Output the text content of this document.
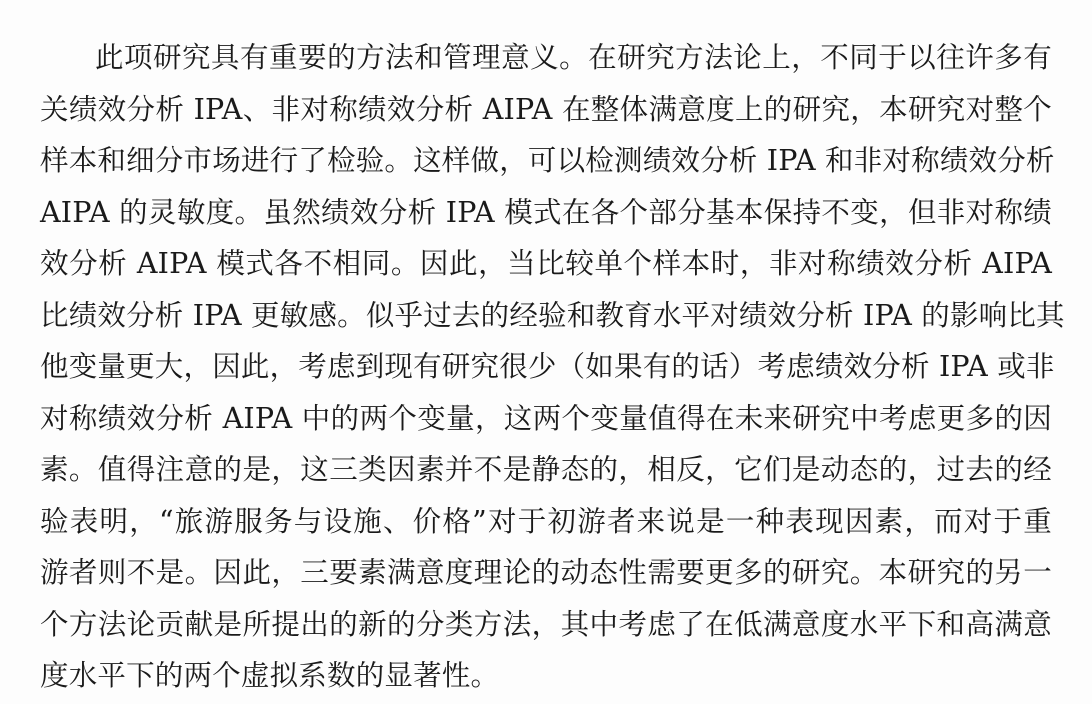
此项研究具有重要的方法和管理意义。在研究方法论上，不同于以往许多有
关绩效分析 IPA、非对称绩效分析 AIPA 在整体满意度上的研究，本研究对整个
样本和细分市场进行了检验。这样做，可以检测绩效分析 IPA 和非对称绩效分析
AIPA 的灵敏度。虽然绩效分析 IPA 模式在各个部分基本保持不变，但非对称绩
效分析 AIPA 模式各不相同。因此，当比较单个样本时，非对称绩效分析 AIPA
比绩效分析 IPA 更敏感。似乎过去的经验和教育水平对绩效分析 IPA 的影响比其
他变量更大，因此，考虑到现有研究很少（如果有的话）考虑绩效分析 IPA 或非
对称绩效分析 AIPA 中的两个变量，这两个变量值得在未来研究中考虑更多的因
素。值得注意的是，这三类因素并不是静态的，相反，它们是动态的，过去的经
验表明，“旅游服务与设施、价格”对于初游者来说是一种表现因素，而对于重
游者则不是。因此，三要素满意度理论的动态性需要更多的研究。本研究的另一
个方法论贡献是所提出的新的分类方法，其中考虑了在低满意度水平下和高满意
度水平下的两个虚拟系数的显著性。
